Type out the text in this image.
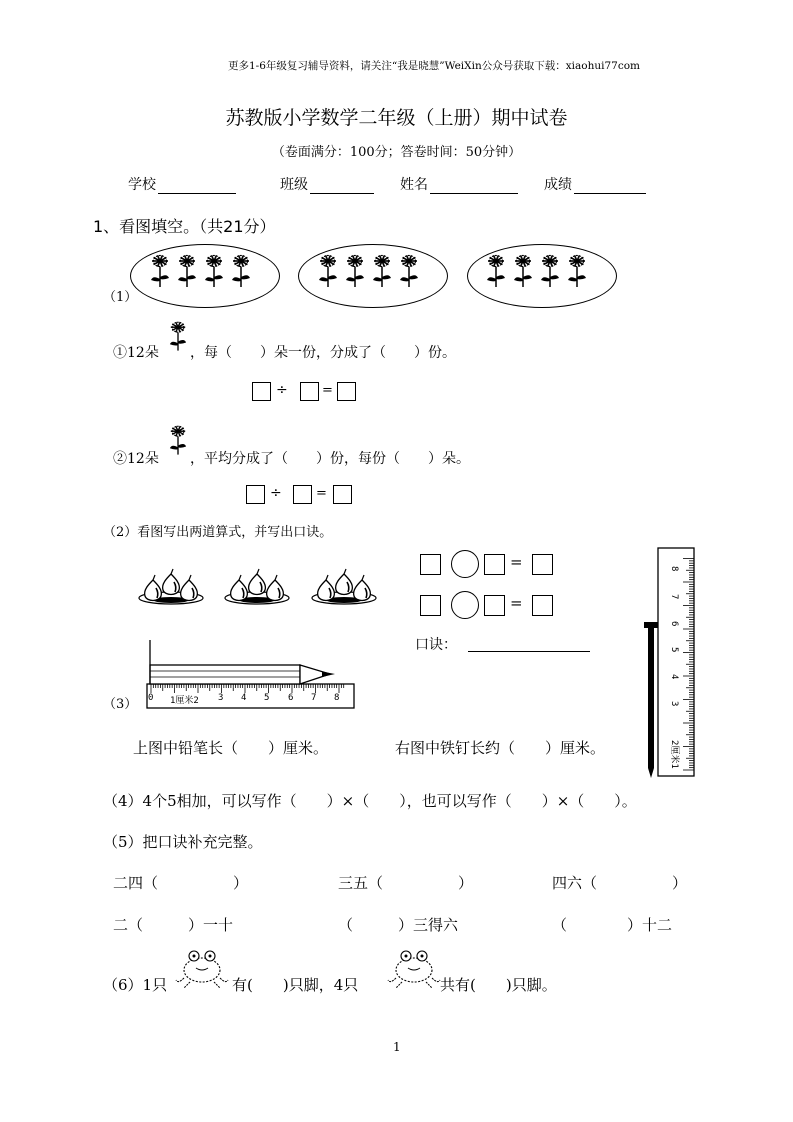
更多1-6年级复习辅导资料，请关注“我是晓慧”WeiXin公众号获取下载：xiaohui77com
苏教版小学数学二年级（上册）期中试卷
（卷面满分：100分；答卷时间：50分钟）
学校	班级	姓名	成绩
1、看图填空。（共21分）
（1）
①12朵 ，每（　　）朵一份，分成了（　　）份。
÷	=
②12朵 ，平均分成了（　　）份，每份（　　）朵。
÷	=
（2）看图写出两道算式，并写出口诀。
=
=
口诀：
（3） 0 1厘米2 3 4 5 6 7 8
8
7
6
5
4
3
2厘米1
上图中铅笔长（　　）厘米。	右图中铁钉长约（　　）厘米。
（4）4个5相加，可以写作（　　）×（　　），也可以写作（　　）×（　　）。
（5）把口诀补充完整。
二四（　　　　　）	三五（　　　　　）	四六（　　　　　）
二（　　　）一十	（　　　）三得六	（　　　　）十二
（6）1只	有(　　)只脚，4只	共有(　　)只脚。
1
